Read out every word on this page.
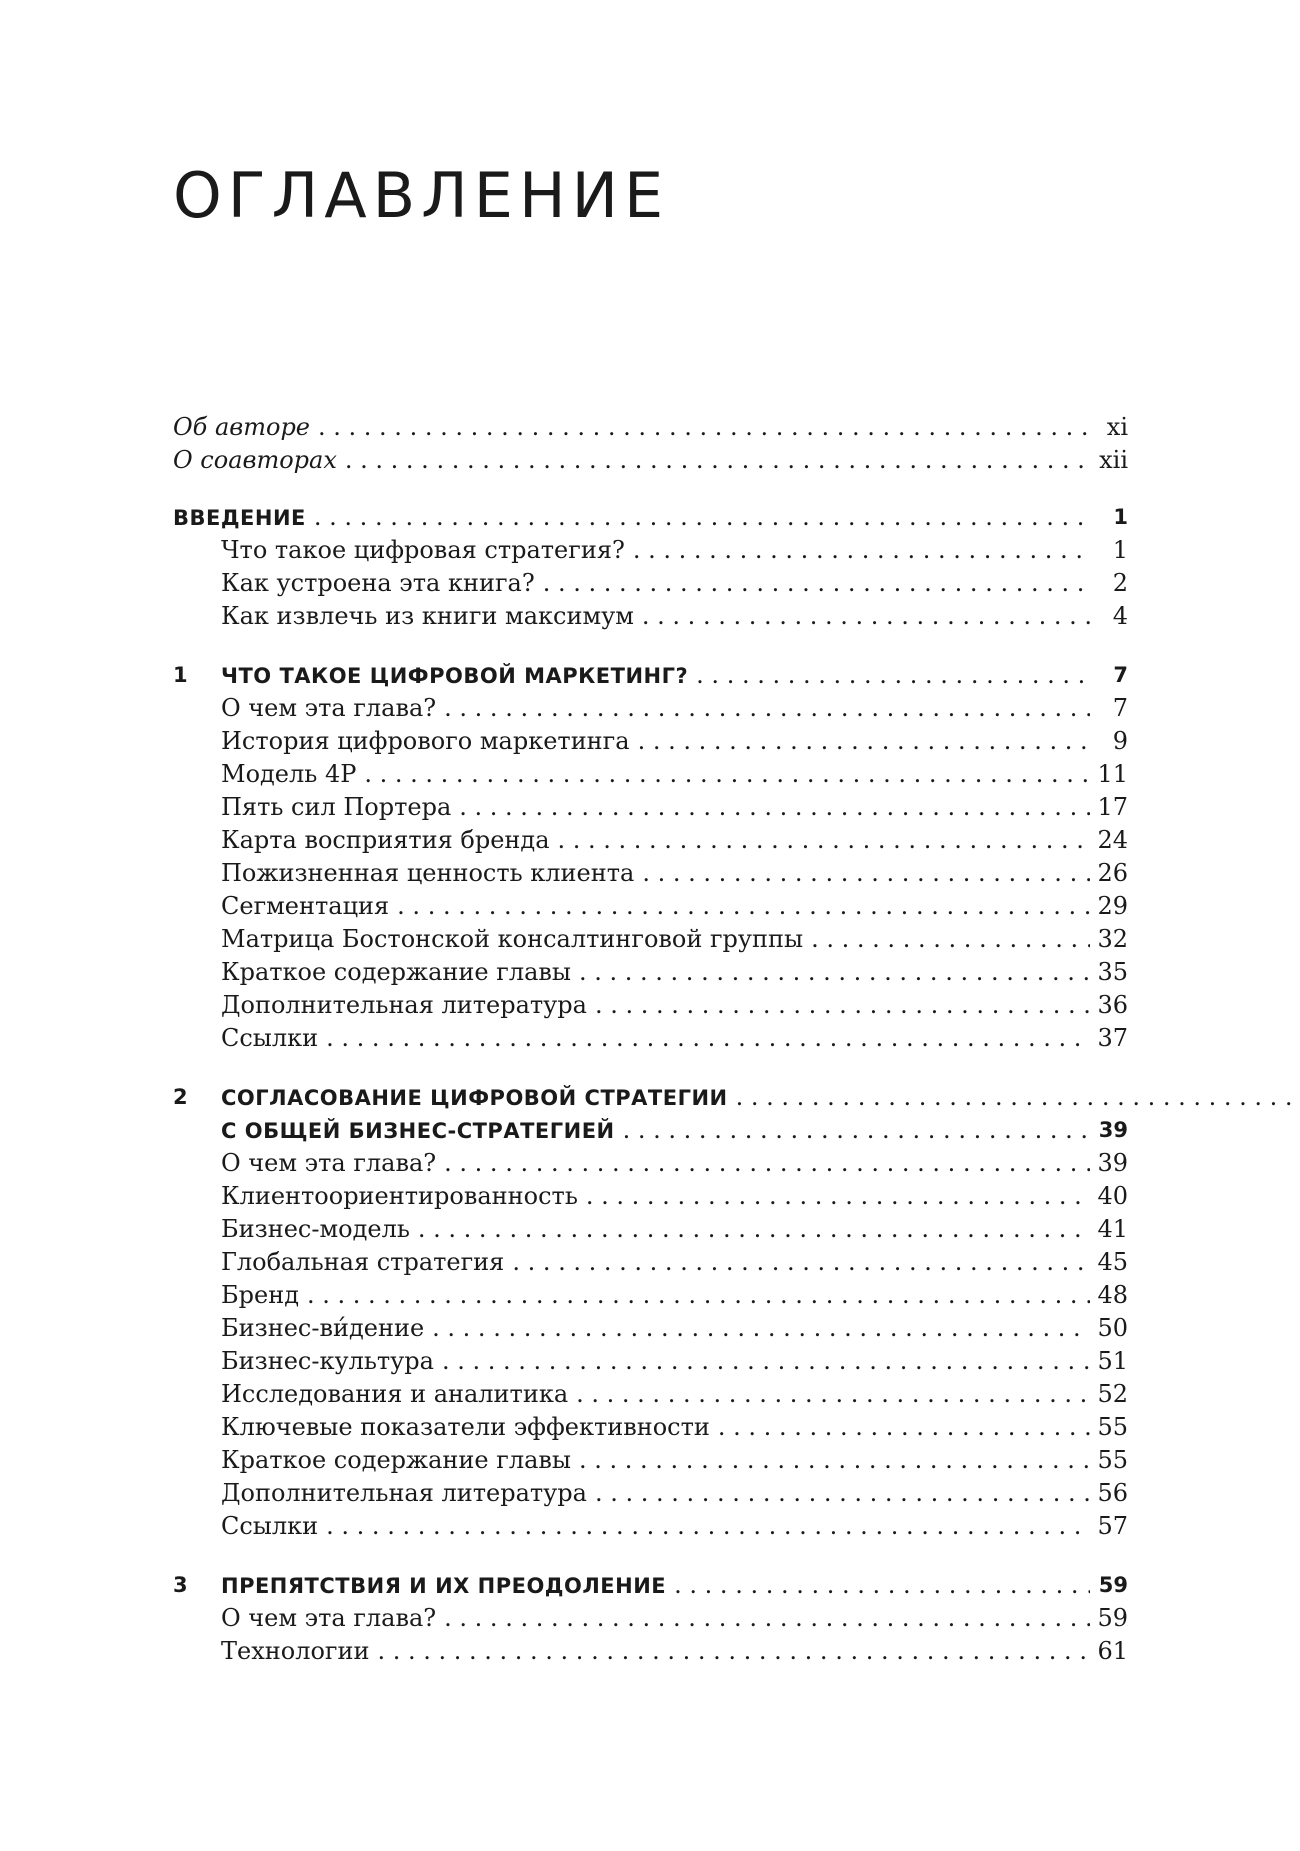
ОГЛАВЛЕНИЕ
Об авторе . . .	xi
О соавторах . . .	xii
ВВЕДЕНИЕ . . .	1
Что такое цифровая стратегия? . . .	1
Как устроена эта книга? . . .	2
Как извлечь из книги максимум . . .	4
1 ЧТО ТАКОЕ ЦИФРОВОЙ МАРКЕТИНГ? . . .	7
О чем эта глава? . . .	7
История цифрового маркетинга . . .	9
Модель 4P . . .	11
Пять сил Портера . . .	17
Карта восприятия бренда . . .	24
Пожизненная ценность клиента . . .	26
Сегментация . . .	29
Матрица Бостонской консалтинговой группы . . .	32
Краткое содержание главы . . .	35
Дополнительная литература . . .	36
Ссылки . . .	37
2 СОГЛАСОВАНИЕ ЦИФРОВОЙ СТРАТЕГИИ . . .
С ОБЩЕЙ БИЗНЕС-СТРАТЕГИЕЙ . . .	39
О чем эта глава? . . .	39
Клиентоориентированность . . .	40
Бизнес-модель . . .	41
Глобальная стратегия . . .	45
Бренд . . .	48
Бизнес-ви́дение . . .	50
Бизнес-культура . . .	51
Исследования и аналитика . . .	52
Ключевые показатели эффективности . . .	55
Краткое содержание главы . . .	55
Дополнительная литература . . .	56
Ссылки . . .	57
3 ПРЕПЯТСТВИЯ И ИХ ПРЕОДОЛЕНИЕ . . .	59
О чем эта глава? . . .	59
Технологии . . .	61
